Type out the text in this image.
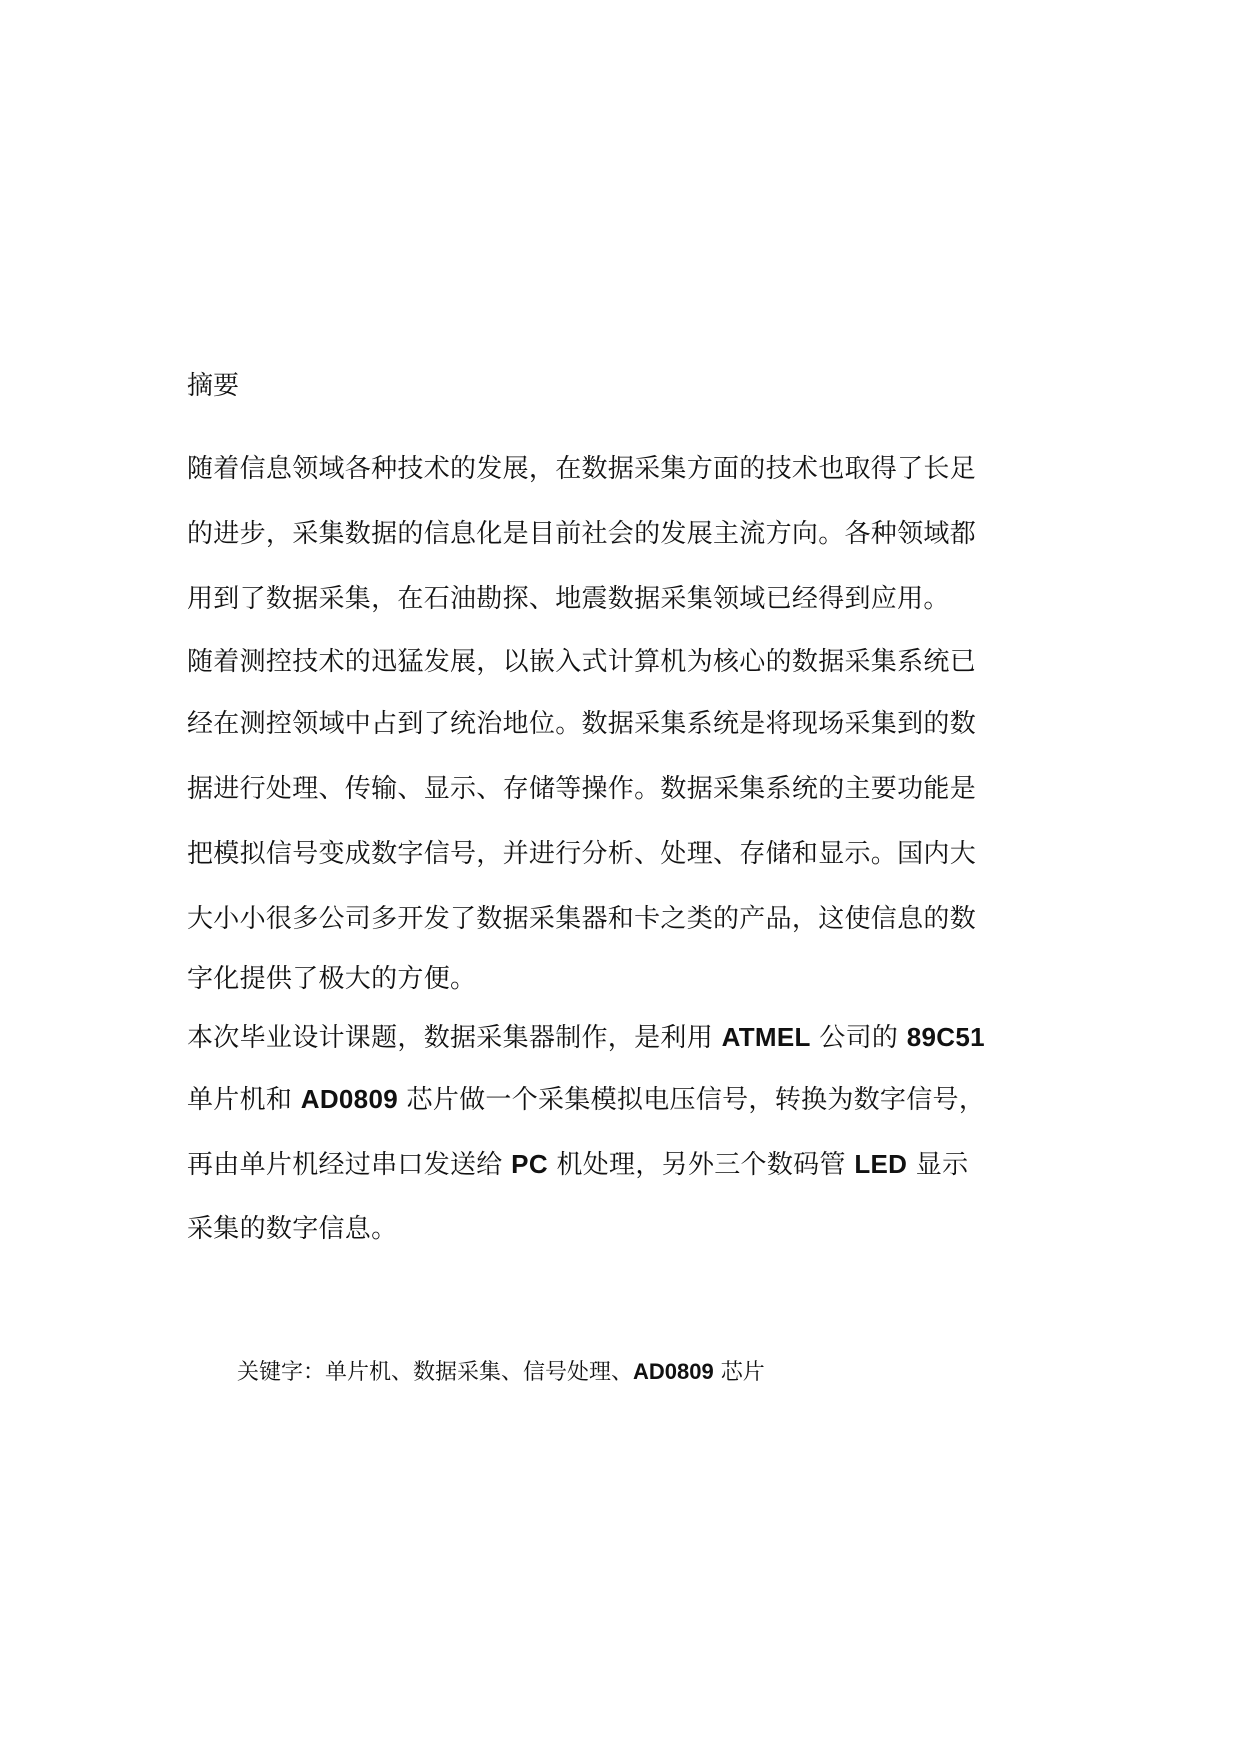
摘要
随着信息领域各种技术的发展，在数据采集方面的技术也取得了长足
的进步，采集数据的信息化是目前社会的发展主流方向。各种领域都
用到了数据采集，在石油勘探、地震数据采集领域已经得到应用。
随着测控技术的迅猛发展，以嵌入式计算机为核心的数据采集系统已
经在测控领域中占到了统治地位。数据采集系统是将现场采集到的数
据进行处理、传输、显示、存储等操作。数据采集系统的主要功能是
把模拟信号变成数字信号，并进行分析、处理、存储和显示。国内大
大小小很多公司多开发了数据采集器和卡之类的产品，这使信息的数
字化提供了极大的方便。
本次毕业设计课题，数据采集器制作，是利用 ATMEL 公司的 89C51
单片机和 AD0809 芯片做一个采集模拟电压信号，转换为数字信号，
再由单片机经过串口发送给 PC 机处理，另外三个数码管 LED 显示
采集的数字信息。

关键字：单片机、数据采集、信号处理、AD0809 芯片
